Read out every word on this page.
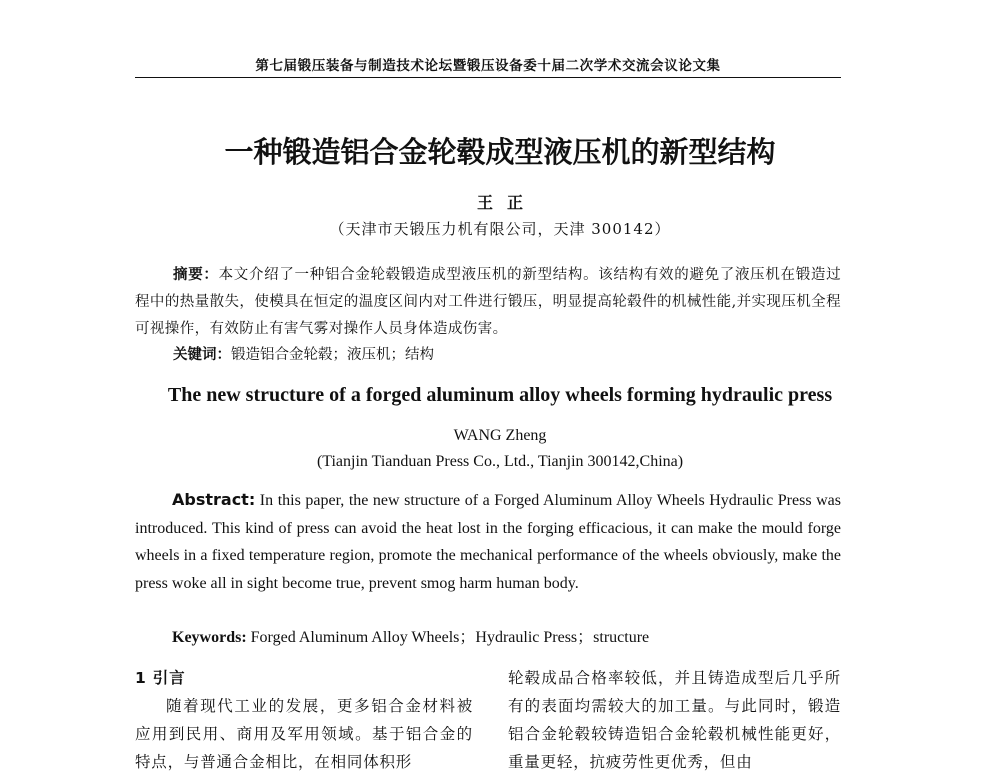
第七届锻压装备与制造技术论坛暨锻压设备委十届二次学术交流会议论文集
一种锻造铝合金轮毂成型液压机的新型结构
王正
（天津市天锻压力机有限公司，天津 300142）
摘要：本文介绍了一种铝合金轮毂锻造成型液压机的新型结构。该结构有效的避免了液压机在锻造过程中的热量散失，使模具在恒定的温度区间内对工件进行锻压，明显提高轮毂件的机械性能,并实现压机全程可视操作，有效防止有害气雾对操作人员身体造成伤害。
关键词：锻造铝合金轮毂；液压机；结构
The new structure of a forged aluminum alloy wheels forming hydraulic press
WANG Zheng
(Tianjin Tianduan Press Co., Ltd., Tianjin 300142,China)
Abstract: In this paper, the new structure of a Forged Aluminum Alloy Wheels Hydraulic Press was introduced. This kind of press can avoid the heat lost in the forging efficacious, it can make the mould forge wheels in a fixed temperature region, promote the mechanical performance of the wheels obviously, make the press woke all in sight become true, prevent smog harm human body.
Keywords: Forged Aluminum Alloy Wheels；Hydraulic Press；structure
1 引言
随着现代工业的发展，更多铝合金材料被应用到民用、商用及军用领域。基于铝合金的特点，与普通合金相比，在相同体积形
轮毂成品合格率较低，并且铸造成型后几乎所有的表面均需较大的加工量。与此同时，锻造铝合金轮毂较铸造铝合金轮毂机械性能更好，重量更轻，抗疲劳性更优秀，但由
